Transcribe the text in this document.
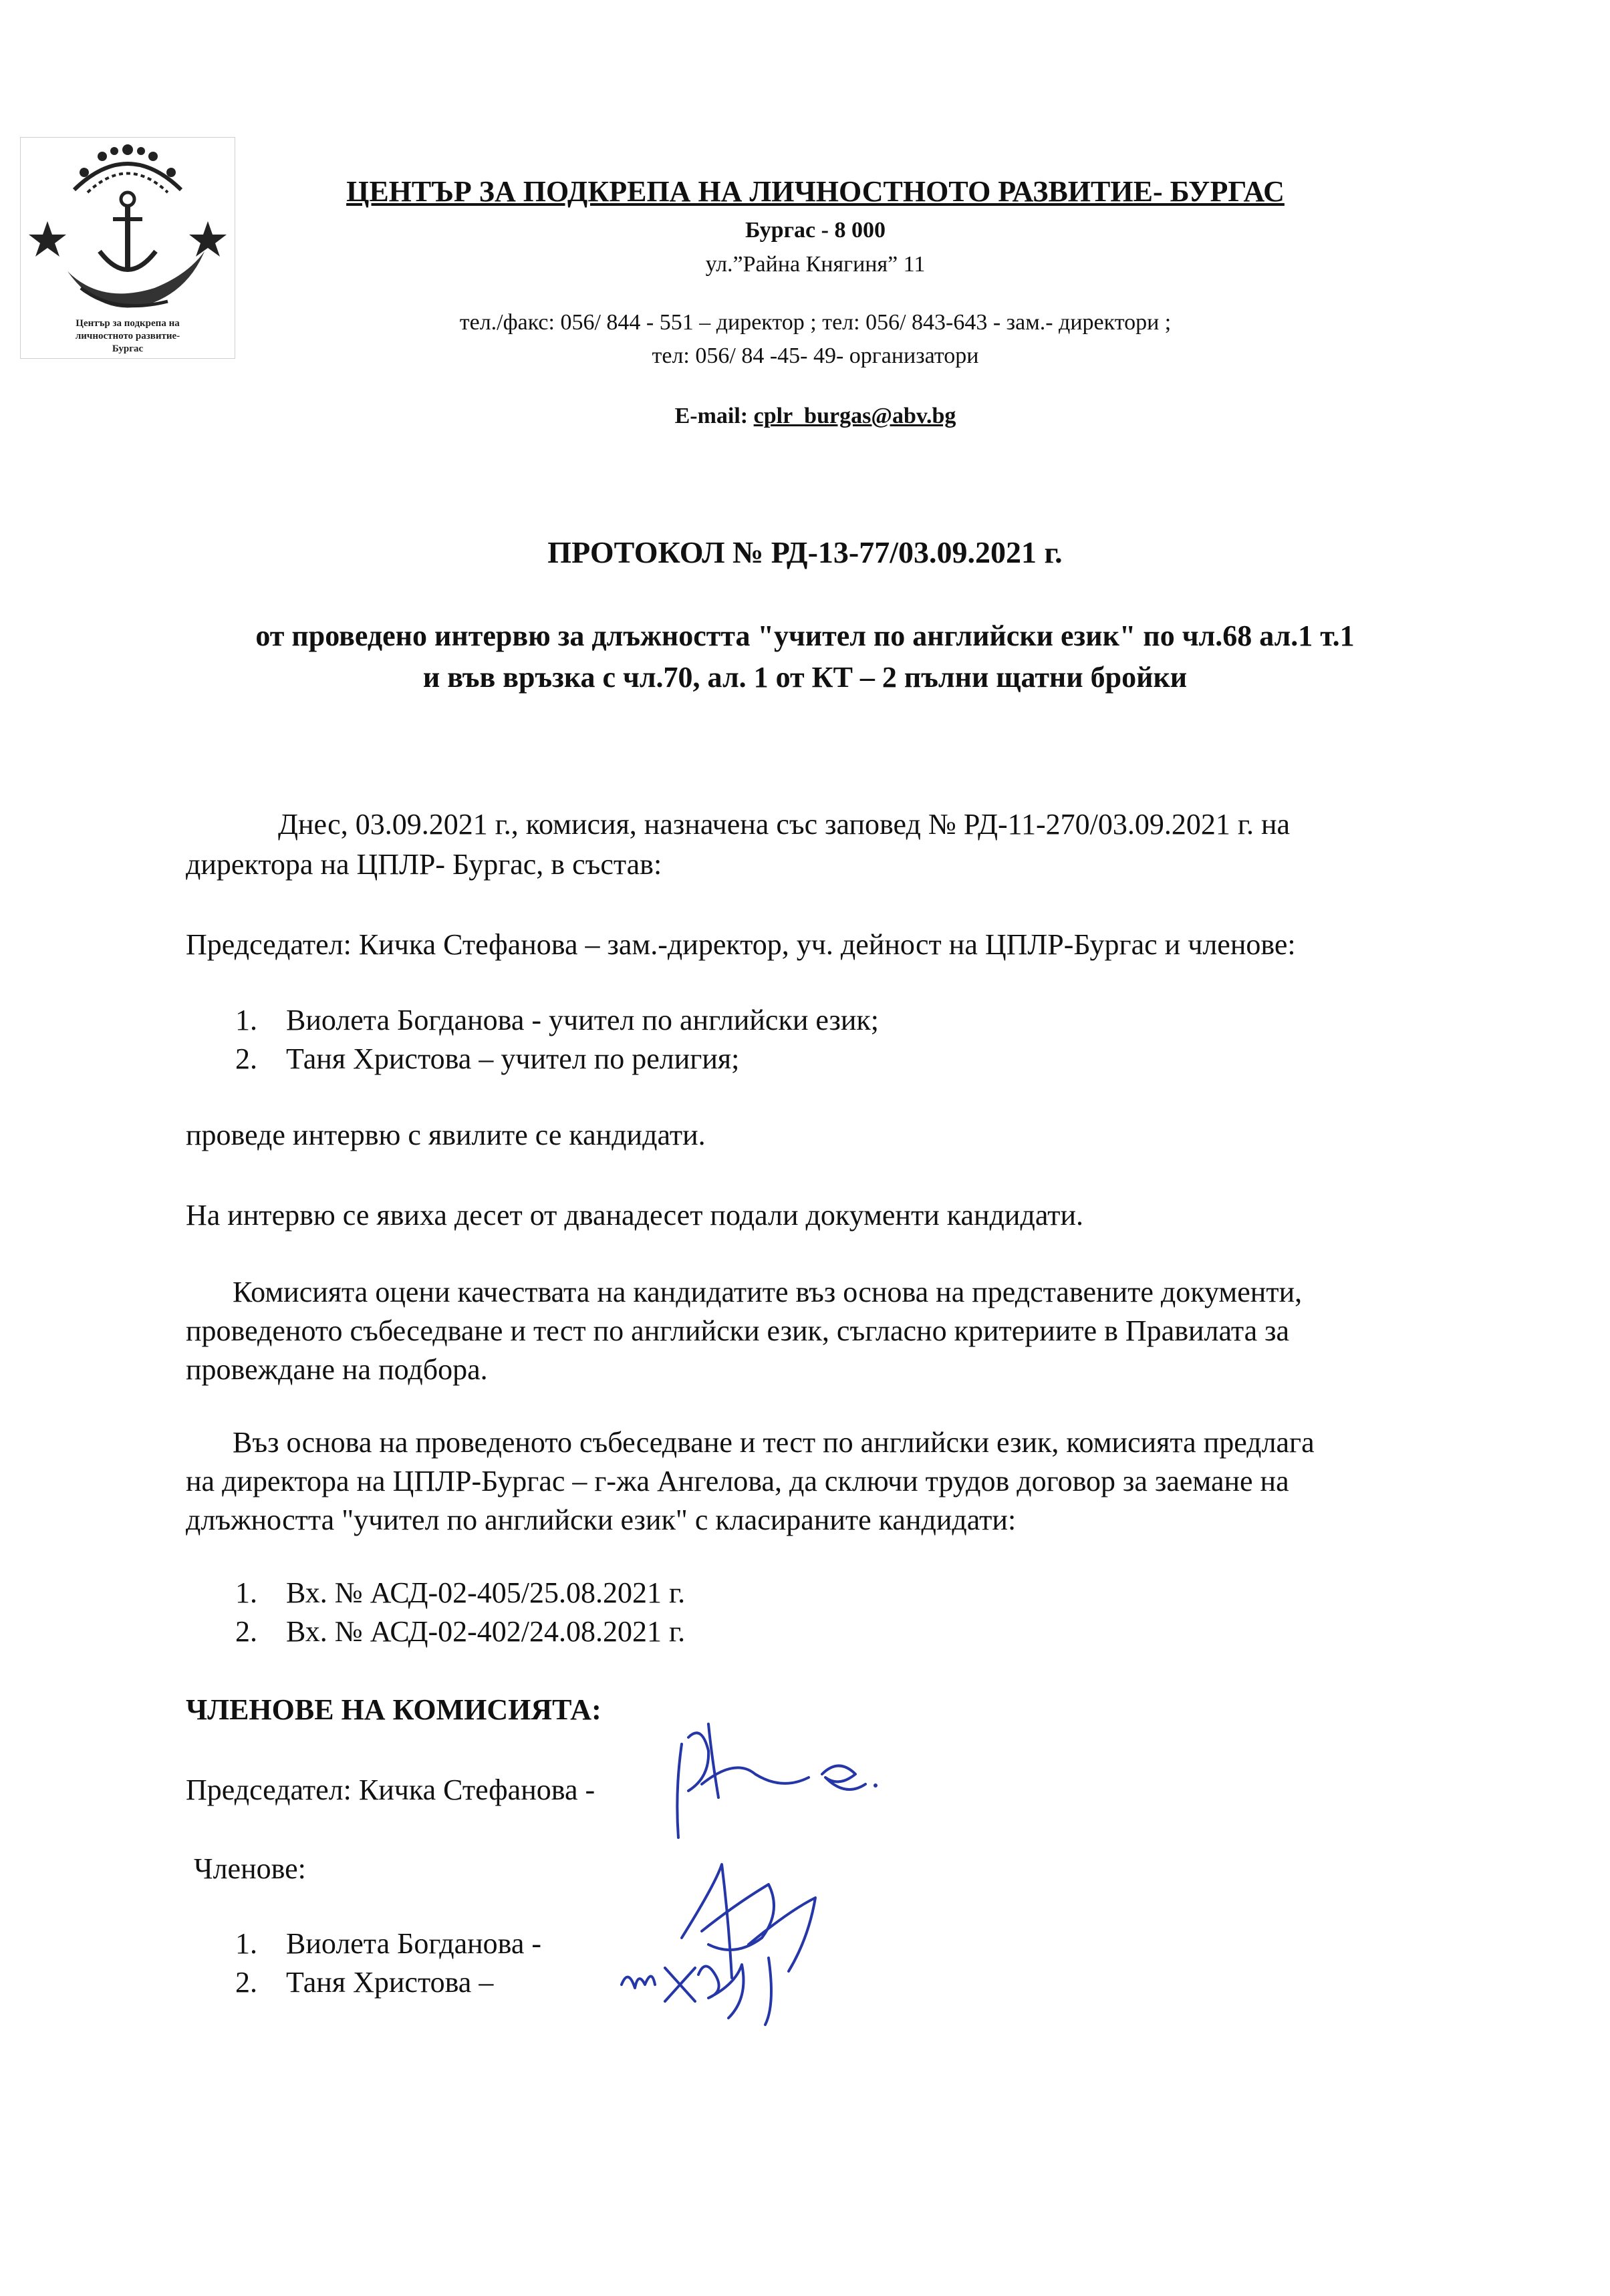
Център за подкрепа на
личностното развитие-
Бургас
ЦЕНТЪР ЗА ПОДКРЕПА НА ЛИЧНОСТНОТО РАЗВИТИЕ- БУРГАС
Бургас - 8 000
ул.”Райна Княгиня” 11
тел./факс: 056/ 844 - 551 – директор ; тел: 056/ 843-643 - зам.- директори ;
тел: 056/ 84 -45- 49- организатори
E-mail: cplr_burgas@abv.bg
ПРОТОКОЛ № РД-13-77/03.09.2021 г.
от проведено интервю за длъжността "учител по английски език" по чл.68 ал.1 т.1
и във връзка с чл.70, ал. 1 от КТ – 2 пълни щатни бройки
Днес, 03.09.2021 г., комисия, назначена със заповед № РД-11-270/03.09.2021 г. на
директора на ЦПЛР- Бургас, в състав:
Председател: Кичка Стефанова – зам.-директор, уч. дейност на ЦПЛР-Бургас и членове:
1. Виолета Богданова - учител по английски език;
2. Таня Христова – учител по религия;
проведе интервю с явилите се кандидати.
На интервю се явиха десет от дванадесет подали документи кандидати.
Комисията оцени качествата на кандидатите въз основа на представените документи,
проведеното събеседване и тест по английски език, съгласно критериите в Правилата за
провеждане на подбора.
Въз основа на проведеното събеседване и тест по английски език, комисията предлага
на директора на ЦПЛР-Бургас – г-жа Ангелова, да сключи трудов договор за заемане на
длъжността "учител по английски език" с класираните кандидати:
1. Вх. № АСД-02-405/25.08.2021 г.
2. Вх. № АСД-02-402/24.08.2021 г.
ЧЛЕНОВЕ НА КОМИСИЯТА:
Председател: Кичка Стефанова -
Членове:
1. Виолета Богданова -
2. Таня Христова –
